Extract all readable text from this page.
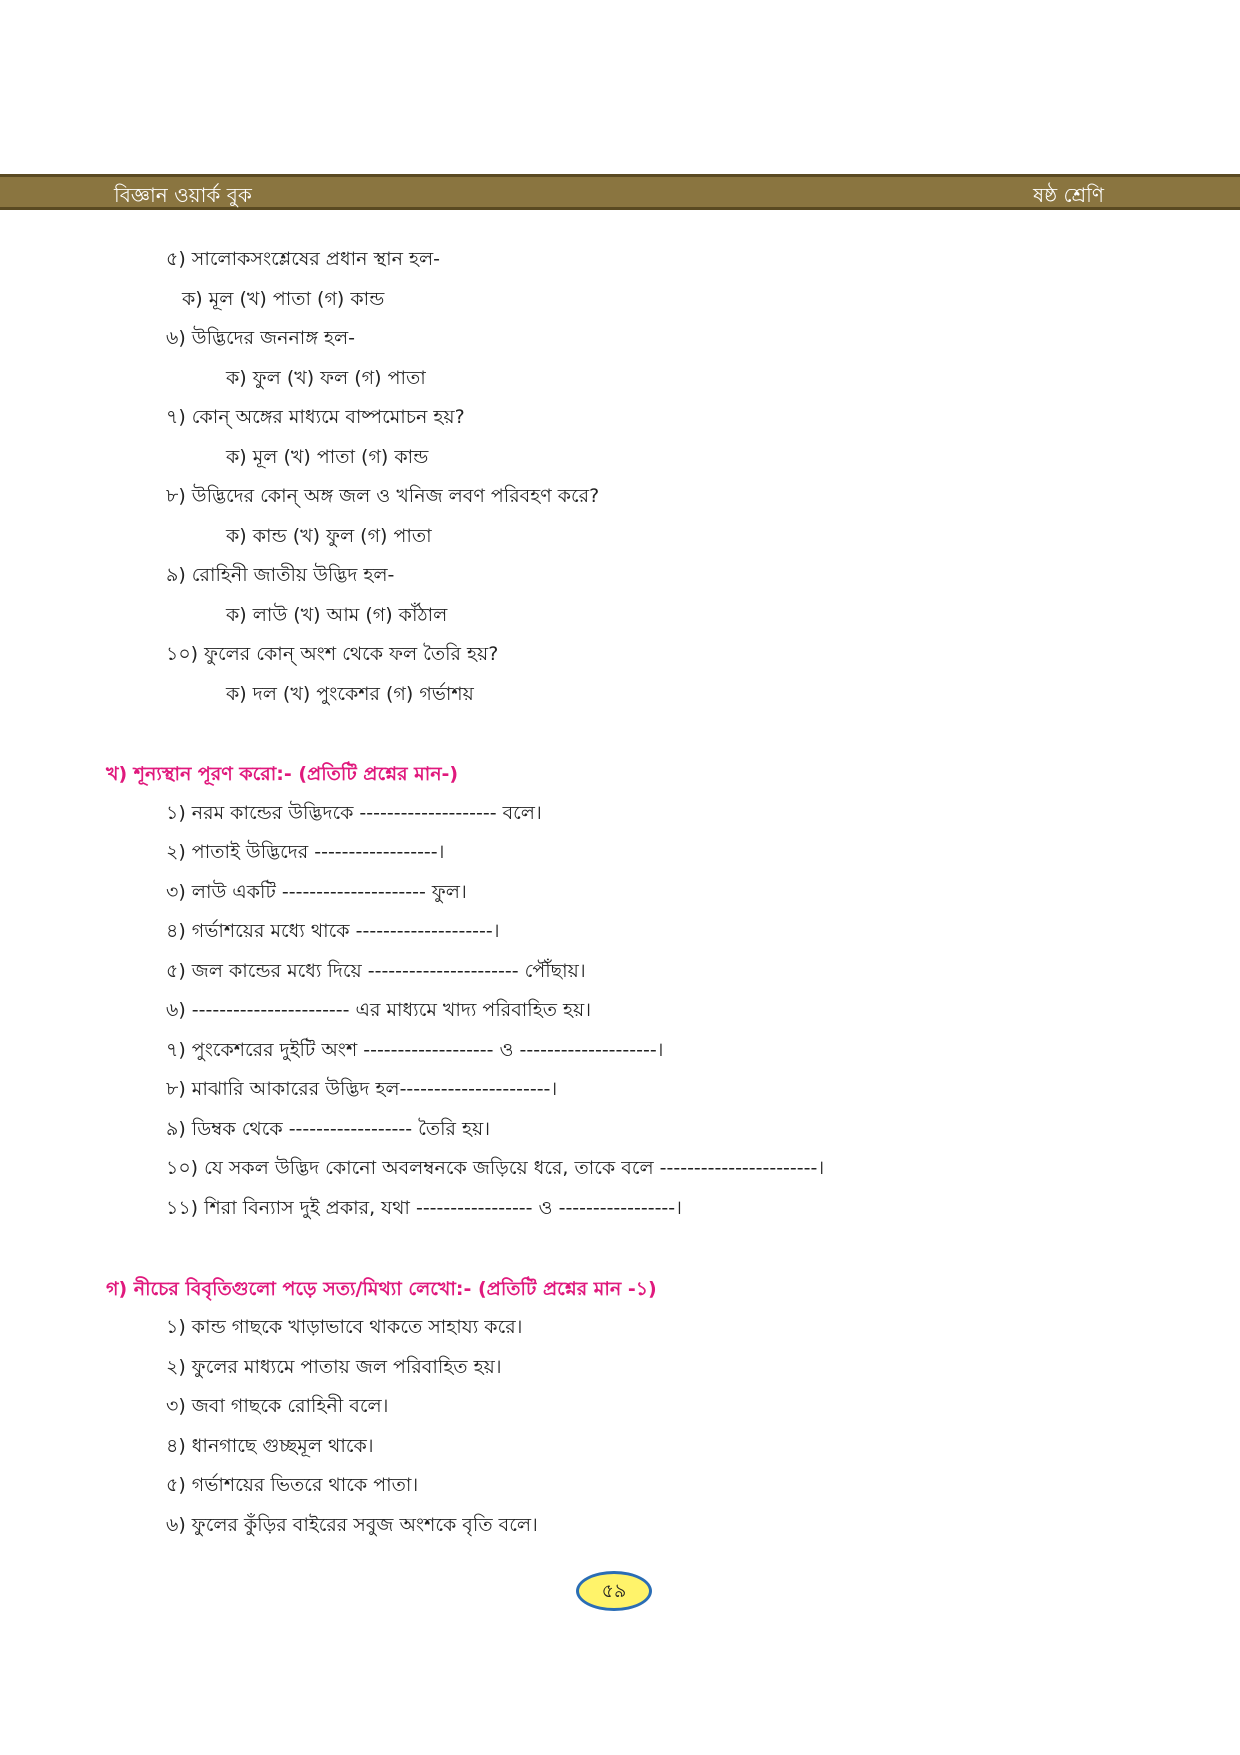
বিজ্ঞান ওয়ার্ক বুক	ষষ্ঠ শ্রেণি
৫) সালোকসংশ্লেষের প্রধান স্থান হল-
ক) মূল (খ) পাতা (গ) কান্ড
৬) উদ্ভিদের জননাঙ্গ হল-
ক) ফুল (খ) ফল (গ) পাতা
৭) কোন্ অঙ্গের মাধ্যমে বাষ্পমোচন হয়?
ক) মূল (খ) পাতা (গ) কান্ড
৮) উদ্ভিদের কোন্ অঙ্গ জল ও খনিজ লবণ পরিবহণ করে?
ক) কান্ড (খ) ফুল (গ) পাতা
৯) রোহিনী জাতীয় উদ্ভিদ হল-
ক) লাউ (খ) আম (গ) কাঁঠাল
১০) ফুলের কোন্ অংশ থেকে ফল তৈরি হয়?
ক) দল (খ) পুংকেশর (গ) গর্ভাশয়
খ) শূন্যস্থান পূরণ করো:- (প্রতিটি প্রশ্নের মান-)
১) নরম কান্ডের উদ্ভিদকে -------------------- বলে।
২) পাতাই উদ্ভিদের ------------------।
৩) লাউ একটি --------------------- ফুল।
৪) গর্ভাশয়ের মধ্যে থাকে --------------------।
৫) জল কান্ডের মধ্যে দিয়ে ---------------------- পৌঁছায়।
৬) ----------------------- এর মাধ্যমে খাদ্য পরিবাহিত হয়।
৭) পুংকেশরের দুইটি অংশ ------------------- ও --------------------।
৮) মাঝারি আকারের উদ্ভিদ হল----------------------।
৯) ডিম্বক থেকে ------------------ তৈরি হয়।
১০) যে সকল উদ্ভিদ কোনো অবলম্বনকে জড়িয়ে ধরে, তাকে বলে -----------------------।
১১) শিরা বিন্যাস দুই প্রকার, যথা ----------------- ও -----------------।
গ) নীচের বিবৃতিগুলো পড়ে সত্য/মিথ্যা লেখো:- (প্রতিটি প্রশ্নের মান -১)
১) কান্ড গাছকে খাড়াভাবে থাকতে সাহায্য করে।
২) ফুলের মাধ্যমে পাতায় জল পরিবাহিত হয়।
৩) জবা গাছকে রোহিনী বলে।
৪) ধানগাছে গুচ্ছমূল থাকে।
৫) গর্ভাশয়ের ভিতরে থাকে পাতা।
৬) ফুলের কুঁড়ির বাইরের সবুজ অংশকে বৃতি বলে।
৫৯
